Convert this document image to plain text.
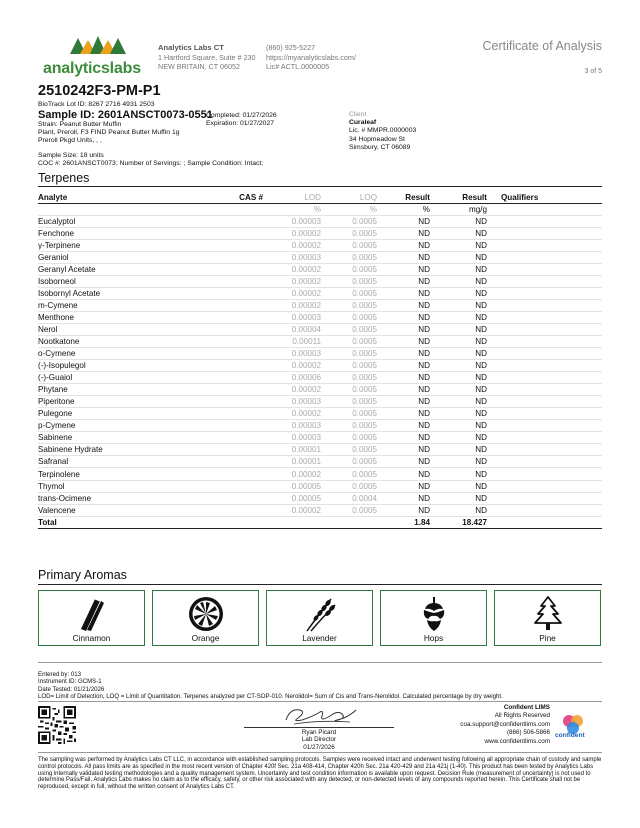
analyticslabs
Analytics Labs CT
1 Hartford Square, Suite # 230
NEW BRITAIN, CT 06052
(860) 925-5227
https://myanalyticslabs.com/
Lic# ACTL.0000005
Certificate of Analysis
3 of 5
2510242F3-PM-P1
BioTrack Lot ID: 8267 2716 4931 2503
Sample ID: 2601ANSCT0073-0551
Strain: Peanut Butter Muffin
Plant, Preroll, F3 FIND Peanut Butter Muffin 1g
Preroll Pkgd Units, , ,
Completed: 01/27/2026
Expiration: 01/27/2027
Client
Curaleaf
Lic. # MMPR.0000003
34 Hopmeadow St
Simsbury, CT 06089
Sample Size: 18 units
COC #: 2601ANSCT0073; Number of Servings: ; Sample Condition: Intact;
Terpenes
Analyte	CAS #	LOD	LOQ	Result	Result	Qualifiers
		%	%	%	mg/g	
Eucalyptol		0.00003	0.0005	ND	ND	
Fenchone		0.00002	0.0005	ND	ND	
γ-Terpinene		0.00002	0.0005	ND	ND	
Geraniol		0.00003	0.0005	ND	ND	
Geranyl Acetate		0.00002	0.0005	ND	ND	
Isoborneol		0.00002	0.0005	ND	ND	
Isobornyl Acetate		0.00002	0.0005	ND	ND	
m-Cymene		0.00002	0.0005	ND	ND	
Menthone		0.00003	0.0005	ND	ND	
Nerol		0.00004	0.0005	ND	ND	
Nootkatone		0.00011	0.0005	ND	ND	
o-Cymene		0.00003	0.0005	ND	ND	
(-)-Isopulegol		0.00002	0.0005	ND	ND	
(-)-Guaiol		0.00006	0.0005	ND	ND	
Phytane		0.00002	0.0005	ND	ND	
Piperitone		0.00003	0.0005	ND	ND	
Pulegone		0.00002	0.0005	ND	ND	
p-Cymene		0.00003	0.0005	ND	ND	
Sabinene		0.00003	0.0005	ND	ND	
Sabinene Hydrate		0.00001	0.0005	ND	ND	
Safranal		0.00001	0.0005	ND	ND	
Terpinolene		0.00002	0.0005	ND	ND	
Thymol		0.00005	0.0005	ND	ND	
trans-Ocimene		0.00005	0.0004	ND	ND	
Valencene		0.00002	0.0005	ND	ND	
Total				1.84	18.427	
Primary Aromas
Cinnamon	Orange	Lavender	Hops	Pine
Entered by: 013
Instrument ID: GCMS-1
Date Tested: 01/21/2026
LOD= Limit of Detection, LOQ = Limit of Quantitation. Terpenes analyzed per CT-SOP-010. Nerolidol= Sum of Cis and Trans-Nerolidol. Calculated percentage by dry weight.
Ryan Picard
Lab Director
01/27/2026
Confident LIMS
All Rights Reserved
coa.support@confidentlims.com
(866) 506-5866
www.confidentlims.com
confident
The sampling was performed by Analytics Labs CT LLC, in accordance with established sampling protocols. Samples were received intact and underwent testing following all appropriate chain of custody and sample control protocols. All pass limits are as specified in the most recent version of Chapter 420f Sec. 21a 408-414, Chapter 420h Sec. 21a 420-429 and 21a 421j (1-40). This product has been tested by Analytics Labs using internally validated testing methodologies and a quality management system. Uncertainty and test condition information is available upon request. Decision Rule (measurement of uncertainty) is not used to determine Pass/Fail. Analytics Labs makes no claim as to the efficacy, safety, or other risk associated with any detected, or non-detected levels of any compounds reported herein. This Certificate shall not be reproduced, except in full, without the written consent of Analytics Labs CT.
